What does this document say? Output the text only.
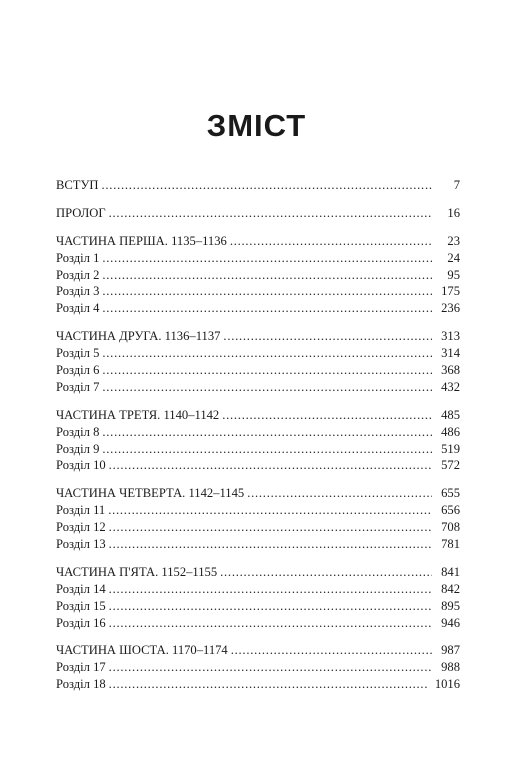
ЗМІСТ
ВСТУП . . .	7
ПРОЛОГ . . .	16
ЧАСТИНА ПЕРША. 1135–1136 . . .	23
Розділ 1 . . .	24
Розділ 2 . . .	95
Розділ 3 . . .	175
Розділ 4 . . .	236
ЧАСТИНА ДРУГА. 1136–1137 . . .	313
Розділ 5 . . .	314
Розділ 6 . . .	368
Розділ 7 . . .	432
ЧАСТИНА ТРЕТЯ. 1140–1142 . . .	485
Розділ 8 . . .	486
Розділ 9 . . .	519
Розділ 10 . . .	572
ЧАСТИНА ЧЕТВЕРТА. 1142–1145 . . .	655
Розділ 11 . . .	656
Розділ 12 . . .	708
Розділ 13 . . .	781
ЧАСТИНА П'ЯТА. 1152–1155 . . .	841
Розділ 14 . . .	842
Розділ 15 . . .	895
Розділ 16 . . .	946
ЧАСТИНА ШОСТА. 1170–1174 . . .	987
Розділ 17 . . .	988
Розділ 18 . . .	1016
